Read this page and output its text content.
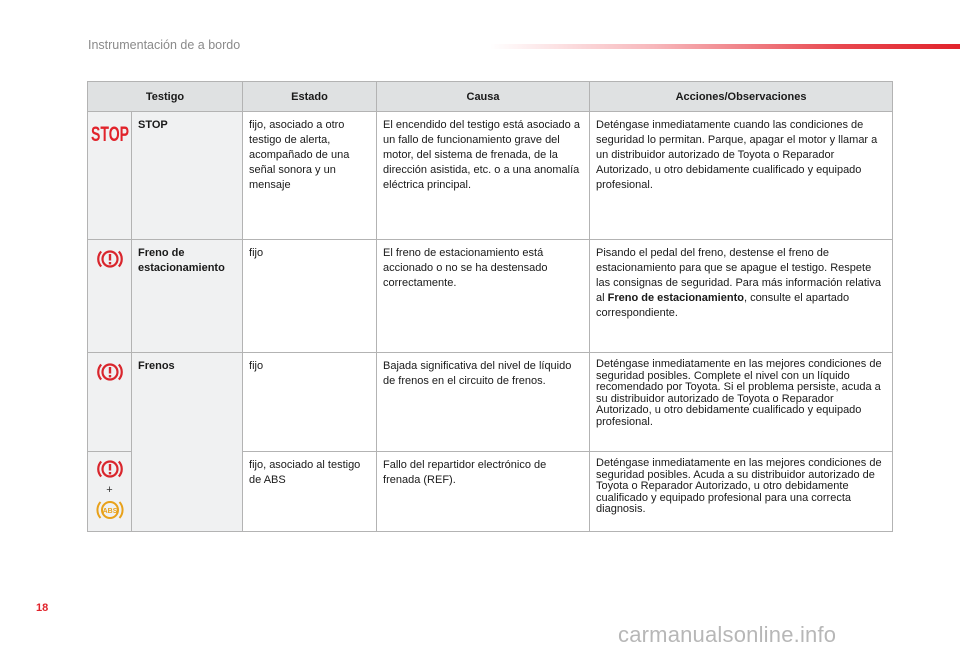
Instrumentación de a bordo
Testigo		Estado	Causa	Acciones/Observaciones

STOP	STOP	fijo, asociado a otro testigo de alerta, acompañado de una señal sonora y un mensaje	El encendido del testigo está asociado a un fallo de funcionamiento grave del motor, del sistema de frenada, de la dirección asistida, etc. o a una anomalía eléctrica principal.	Deténgase inmediatamente cuando las condiciones de seguridad lo permitan. Parque, apagar el motor y llamar a un distribuidor autorizado de Toyota o Reparador Autorizado, u otro debidamente cualificado y equipado profesional.

	Freno de estacionamiento	fijo	El freno de estacionamiento está accionado o no se ha destensado correctamente.	Pisando el pedal del freno, destense el freno de estacionamiento para que se apague el testigo. Respete las consignas de seguridad. Para más información relativa al Freno de estacionamiento, consulte el apartado correspondiente.

	Frenos	fijo	Bajada significativa del nivel de líquido de frenos en el circuito de frenos.	Deténgase inmediatamente en las mejores condiciones de seguridad posibles. Complete el nivel con un líquido recomendado por Toyota. Si el problema persiste, acuda a su distribuidor autorizado de Toyota o Reparador Autorizado, u otro debidamente cualificado y equipado profesional.

+
ABS		fijo, asociado al testigo de ABS	Fallo del repartidor electrónico de frenada (REF).	Deténgase inmediatamente en las mejores condiciones de seguridad posibles. Acuda a su distribuidor autorizado de Toyota o Reparador Autorizado, u otro debidamente cualificado y equipado profesional para una correcta diagnosis.
18
carmanualsonline.info
